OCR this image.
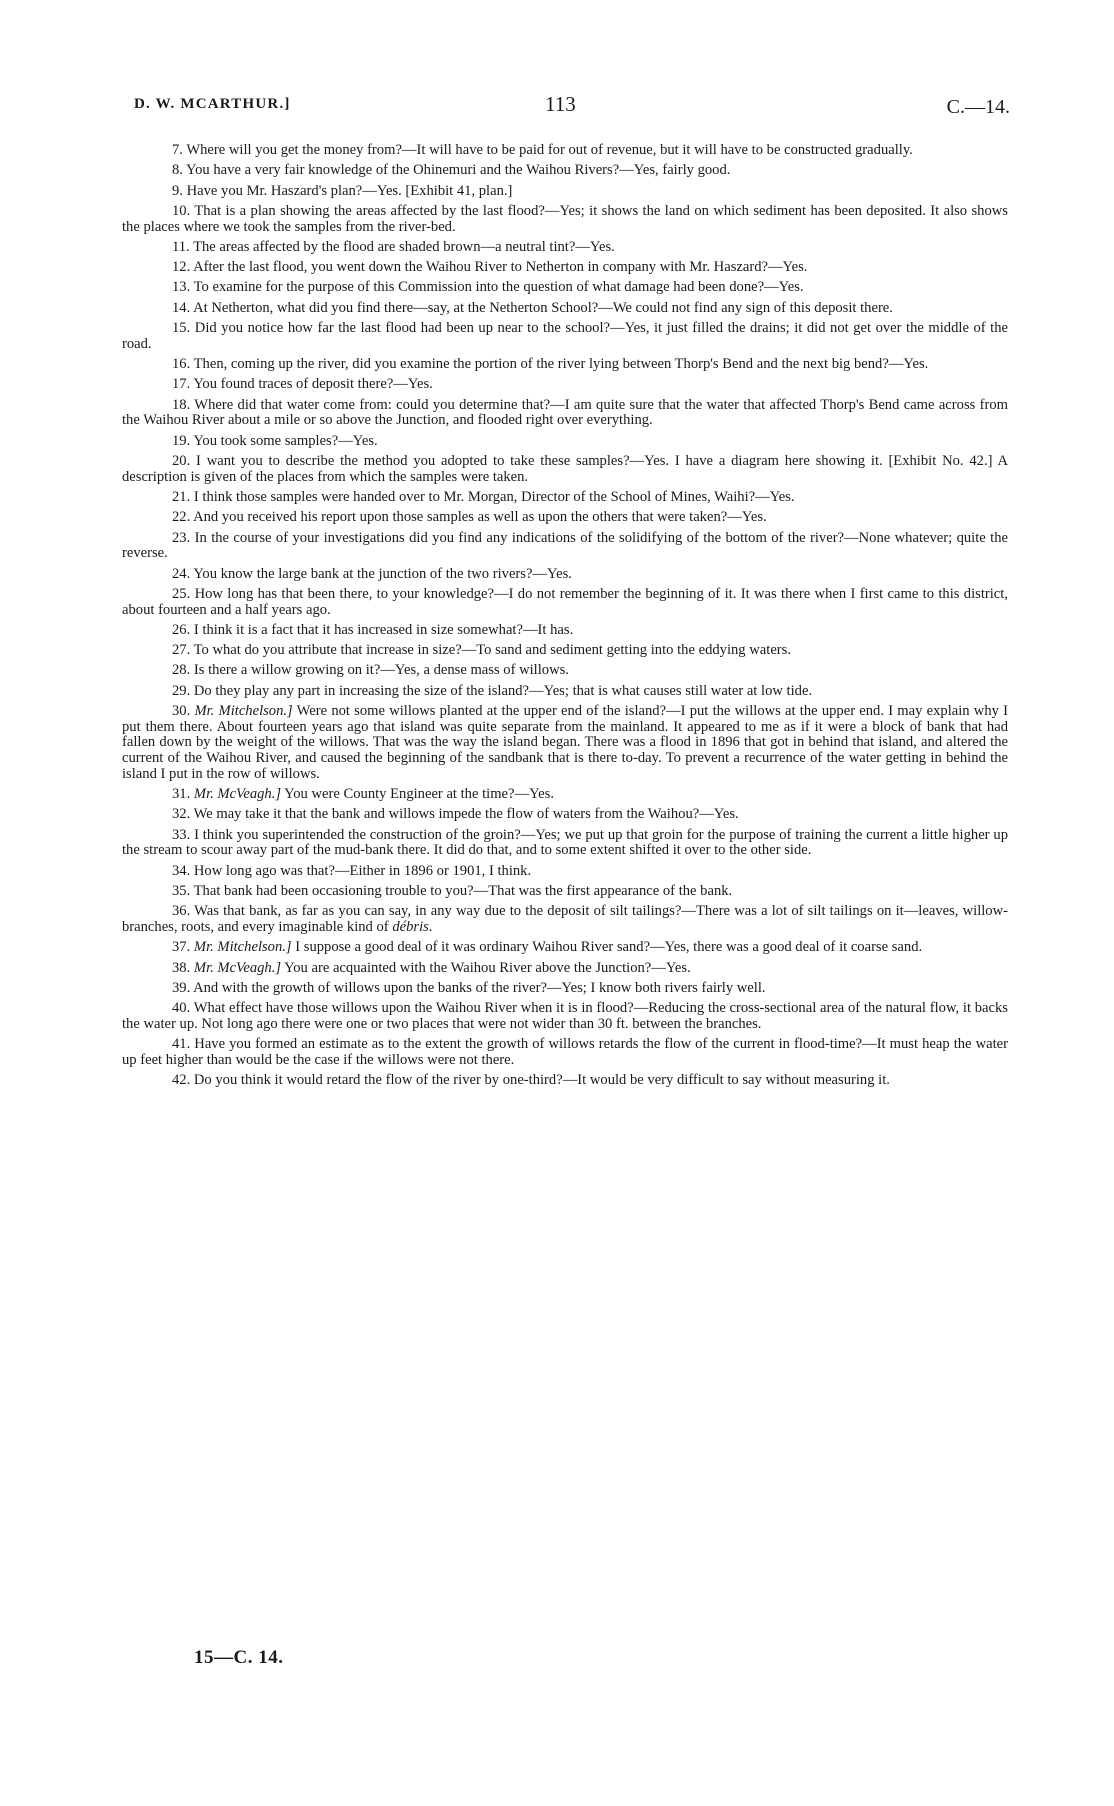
D. W. MCARTHUR.]	113	C.—14.

7. Where will you get the money from?—It will have to be paid for out of revenue, but it will have to be constructed gradually.

8. You have a very fair knowledge of the Ohinemuri and the Waihou Rivers?—Yes, fairly good.

9. Have you Mr. Haszard's plan?—Yes. [Exhibit 41, plan.]

10. That is a plan showing the areas affected by the last flood?—Yes; it shows the land on which sediment has been deposited. It also shows the places where we took the samples from the river-bed.

11. The areas affected by the flood are shaded brown—a neutral tint?—Yes.

12. After the last flood, you went down the Waihou River to Netherton in company with Mr. Haszard?—Yes.

13. To examine for the purpose of this Commission into the question of what damage had been done?—Yes.

14. At Netherton, what did you find there—say, at the Netherton School?—We could not find any sign of this deposit there.

15. Did you notice how far the last flood had been up near to the school?—Yes, it just filled the drains; it did not get over the middle of the road.

16. Then, coming up the river, did you examine the portion of the river lying between Thorp's Bend and the next big bend?—Yes.

17. You found traces of deposit there?—Yes.

18. Where did that water come from: could you determine that?—I am quite sure that the water that affected Thorp's Bend came across from the Waihou River about a mile or so above the Junction, and flooded right over everything.

19. You took some samples?—Yes.

20. I want you to describe the method you adopted to take these samples?—Yes. I have a diagram here showing it. [Exhibit No. 42.] A description is given of the places from which the samples were taken.

21. I think those samples were handed over to Mr. Morgan, Director of the School of Mines, Waihi?—Yes.

22. And you received his report upon those samples as well as upon the others that were taken?—Yes.

23. In the course of your investigations did you find any indications of the solidifying of the bottom of the river?—None whatever; quite the reverse.

24. You know the large bank at the junction of the two rivers?—Yes.

25. How long has that been there, to your knowledge?—I do not remember the beginning of it. It was there when I first came to this district, about fourteen and a half years ago.

26. I think it is a fact that it has increased in size somewhat?—It has.

27. To what do you attribute that increase in size?—To sand and sediment getting into the eddying waters.

28. Is there a willow growing on it?—Yes, a dense mass of willows.

29. Do they play any part in increasing the size of the island?—Yes; that is what causes still water at low tide.

30. Mr. Mitchelson.] Were not some willows planted at the upper end of the island?—I put the willows at the upper end. I may explain why I put them there. About fourteen years ago that island was quite separate from the mainland. It appeared to me as if it were a block of bank that had fallen down by the weight of the willows. That was the way the island began. There was a flood in 1896 that got in behind that island, and altered the current of the Waihou River, and caused the beginning of the sandbank that is there to-day. To prevent a recurrence of the water getting in behind the island I put in the row of willows.

31. Mr. McVeagh.] You were County Engineer at the time?—Yes.

32. We may take it that the bank and willows impede the flow of waters from the Waihou?—Yes.

33. I think you superintended the construction of the groin?—Yes; we put up that groin for the purpose of training the current a little higher up the stream to scour away part of the mud-bank there. It did do that, and to some extent shifted it over to the other side.

34. How long ago was that?—Either in 1896 or 1901, I think.

35. That bank had been occasioning trouble to you?—That was the first appearance of the bank.

36. Was that bank, as far as you can say, in any way due to the deposit of silt tailings?—There was a lot of silt tailings on it—leaves, willow-branches, roots, and every imaginable kind of débris.

37. Mr. Mitchelson.] I suppose a good deal of it was ordinary Waihou River sand?—Yes, there was a good deal of it coarse sand.

38. Mr. McVeagh.] You are acquainted with the Waihou River above the Junction?—Yes.

39. And with the growth of willows upon the banks of the river?—Yes; I know both rivers fairly well.

40. What effect have those willows upon the Waihou River when it is in flood?—Reducing the cross-sectional area of the natural flow, it backs the water up. Not long ago there were one or two places that were not wider than 30 ft. between the branches.

41. Have you formed an estimate as to the extent the growth of willows retards the flow of the current in flood-time?—It must heap the water up feet higher than would be the case if the willows were not there.

42. Do you think it would retard the flow of the river by one-third?—It would be very difficult to say without measuring it.

15—C. 14.
